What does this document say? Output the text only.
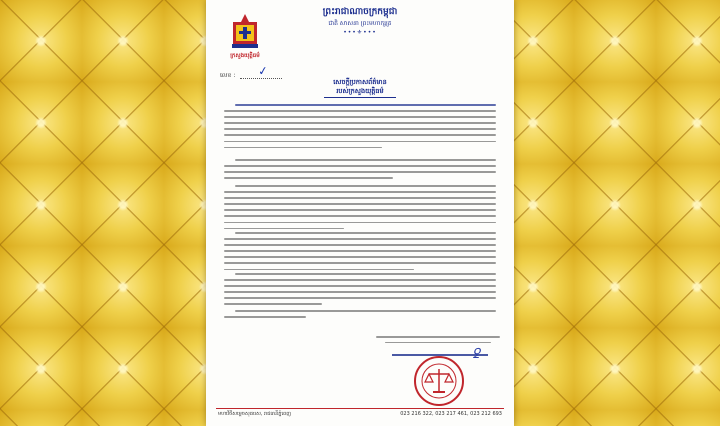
ព្រះរាជាណាចក្រកម្ពុជា
ជាតិ សាសនា ព្រះមហាក្សត្រ
•••⚜•••
ក្រសួងយុត្តិធម៌
លេខ : ✓
សេចក្តីប្រកាសព័ត៌មាន
របស់ក្រសួងយុត្តិធម៌
ꝿ
មហាវិថីសម្តេចសុធារស, រាជធានីភ្នំពេញ	023 216 322, 023 217 461, 023 212 693
